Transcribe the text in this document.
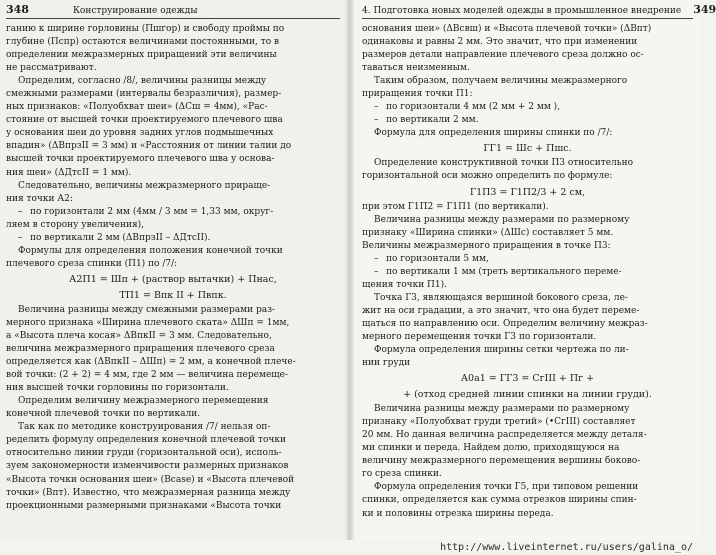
348	Конструирование одежды

ганию к ширине горловины (Пшгор) и свободу проймы по

глубине (Пспр) остаются величинами постоянными, то в

определении межразмерных приращений эти величины

не рассматривают.

Определим, согласно /8/, величины разницы между

смежными размерами (интервалы безразличия), размер-

ных признаков: «Полуобхват шеи» (ΔСш = 4мм), «Рас-

стояние от высшей точки проектируемого плечевого шва

у основания шеи до уровня задних углов подмышечных

впадин» (ΔВпрзII = 3 мм) и «Расстояния от линии талии до

высшей точки проектируемого плечевого шва у основа-

ния шеи» (ΔДтсII = 1 мм).

Следовательно, величины межразмерного прираще-

ния точки А2:

– по горизонтали 2 мм (4мм / 3 мм = 1,33 мм, округ-

ляем в сторону увеличения),

– по вертикали 2 мм (ΔВпрзII – ΔДтсII).

Формулы для определения положения конечной точки

плечевого среза спинки (П1) по /7/:

А2П1 = Шп + (раствор вытачки) + Пнас,

ТП1 = Впк II + Пвпк.

Величина разницы между смежными размерами раз-

мерного признака «Ширина плечевого ската» ΔШп = 1мм,

а «Высота плеча косая» ΔВпкII = 3 мм. Следовательно,

величина межразмерного приращения плечевого среза

определяется как (ΔВпкII – ΔШп) = 2 мм, а конечной плече-

вой точки: (2 + 2) = 4 мм, где 2 мм — величина перемеще-

ния высшей точки горловины по горизонтали.

Определим величину межразмерного перемещения

конечной плечевой точки по вертикали.

Так как по методике конструирования /7/ нельзя оп-

ределить формулу определения конечной плечевой точки

относительно линии груди (горизонтальной оси), исполь-

зуем закономерности изменчивости размерных признаков

«Высота точки основания шеи» (Вcase) и «Высота плечевой

точки» (Впт). Известно, что межразмерная разница между

проекционными размерными признаками «Высота точки

4. Подготовка новых моделей одежды в промышленное внедрение 349

основания шеи» (ΔВсвш) и «Высота плечевой точки» (ΔВпт)

одинаковы и равны 2 мм. Это значит, что при изменении

размеров детали направление плечевого среза должно ос-

таваться неизменным.

Таким образом, получаем величины межразмерного

приращения точки П1:

– по горизонтали 4 мм (2 мм + 2 мм ),

– по вертикали 2 мм.

Формула для определения ширины спинки по /7/:

ГГ1 = Шс + Пшс.

Определение конструктивной точки П3 относительно

горизонтальной оси можно определить по формуле:

Г1П3 = Г1П2/3 + 2 см,

при этом Г1П2 = Г1П1 (по вертикали).

Величина разницы между размерами по размерному

признаку «Ширина спинки» (ΔШс) составляет 5 мм.

Величины межразмерного приращения в точке П3:

– по горизонтали 5 мм,

– по вертикали 1 мм (треть вертикального переме-

щения точки П1).

Точка Г3, являющаяся вершиной бокового среза, ле-

жит на оси градации, а это значит, что она будет переме-

щаться по направлению оси. Определим величину межраз-

мерного перемещения точки Г3 по горизонтали.

Формула определения ширины сетки чертежа по ли-

нии груди

А0а1 = ГГ3 = СгIII + Пг +

+ (отход средней линии спинки на линии груди).

Величина разницы между размерами по размерному

признаку «Полуобхват груди третий» (•СгIII) составляет

20 мм. Но данная величина распределяется между деталя-

ми спинки и переда. Найдем долю, приходящуюся на

величину межразмерного перемещения вершины боково-

го среза спинки.

Формула определения точки Г5, при типовом решении

спинки, определяется как сумма отрезков ширины спин-

ки и половины отрезка ширины переда.

http://www.liveinternet.ru/users/galina_o/
